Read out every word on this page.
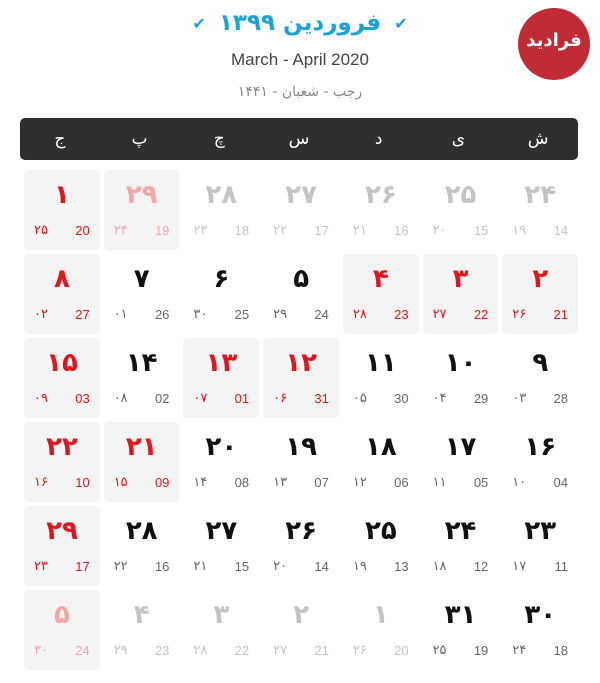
✔ فروردین ۱۳۹۹ ✔
March - April 2020
رجب - شعبان - ۱۴۴۱
فرادید
ش
ی
د
س
چ
پ
ج
۲۴
14
۱۹
۲۵
15
۲۰
۲۶
16
۲۱
۲۷
17
۲۲
۲۸
18
۲۳
۲۹
19
۲۴
۱
20
۲۵
۲
21
۲۶
۳
22
۲۷
۴
23
۲۸
۵
24
۲۹
۶
25
۳۰
۷
26
۰۱
۸
27
۰۲
۹
28
۰۳
۱۰
29
۰۴
۱۱
30
۰۵
۱۲
31
۰۶
۱۳
01
۰۷
۱۴
02
۰۸
۱۵
03
۰۹
۱۶
04
۱۰
۱۷
05
۱۱
۱۸
06
۱۲
۱۹
07
۱۳
۲۰
08
۱۴
۲۱
09
۱۵
۲۲
10
۱۶
۲۳
11
۱۷
۲۴
12
۱۸
۲۵
13
۱۹
۲۶
14
۲۰
۲۷
15
۲۱
۲۸
16
۲۲
۲۹
17
۲۳
۳۰
18
۲۴
۳۱
19
۲۵
۱
20
۲۶
۲
21
۲۷
۳
22
۲۸
۴
23
۲۹
۵
24
۳۰
